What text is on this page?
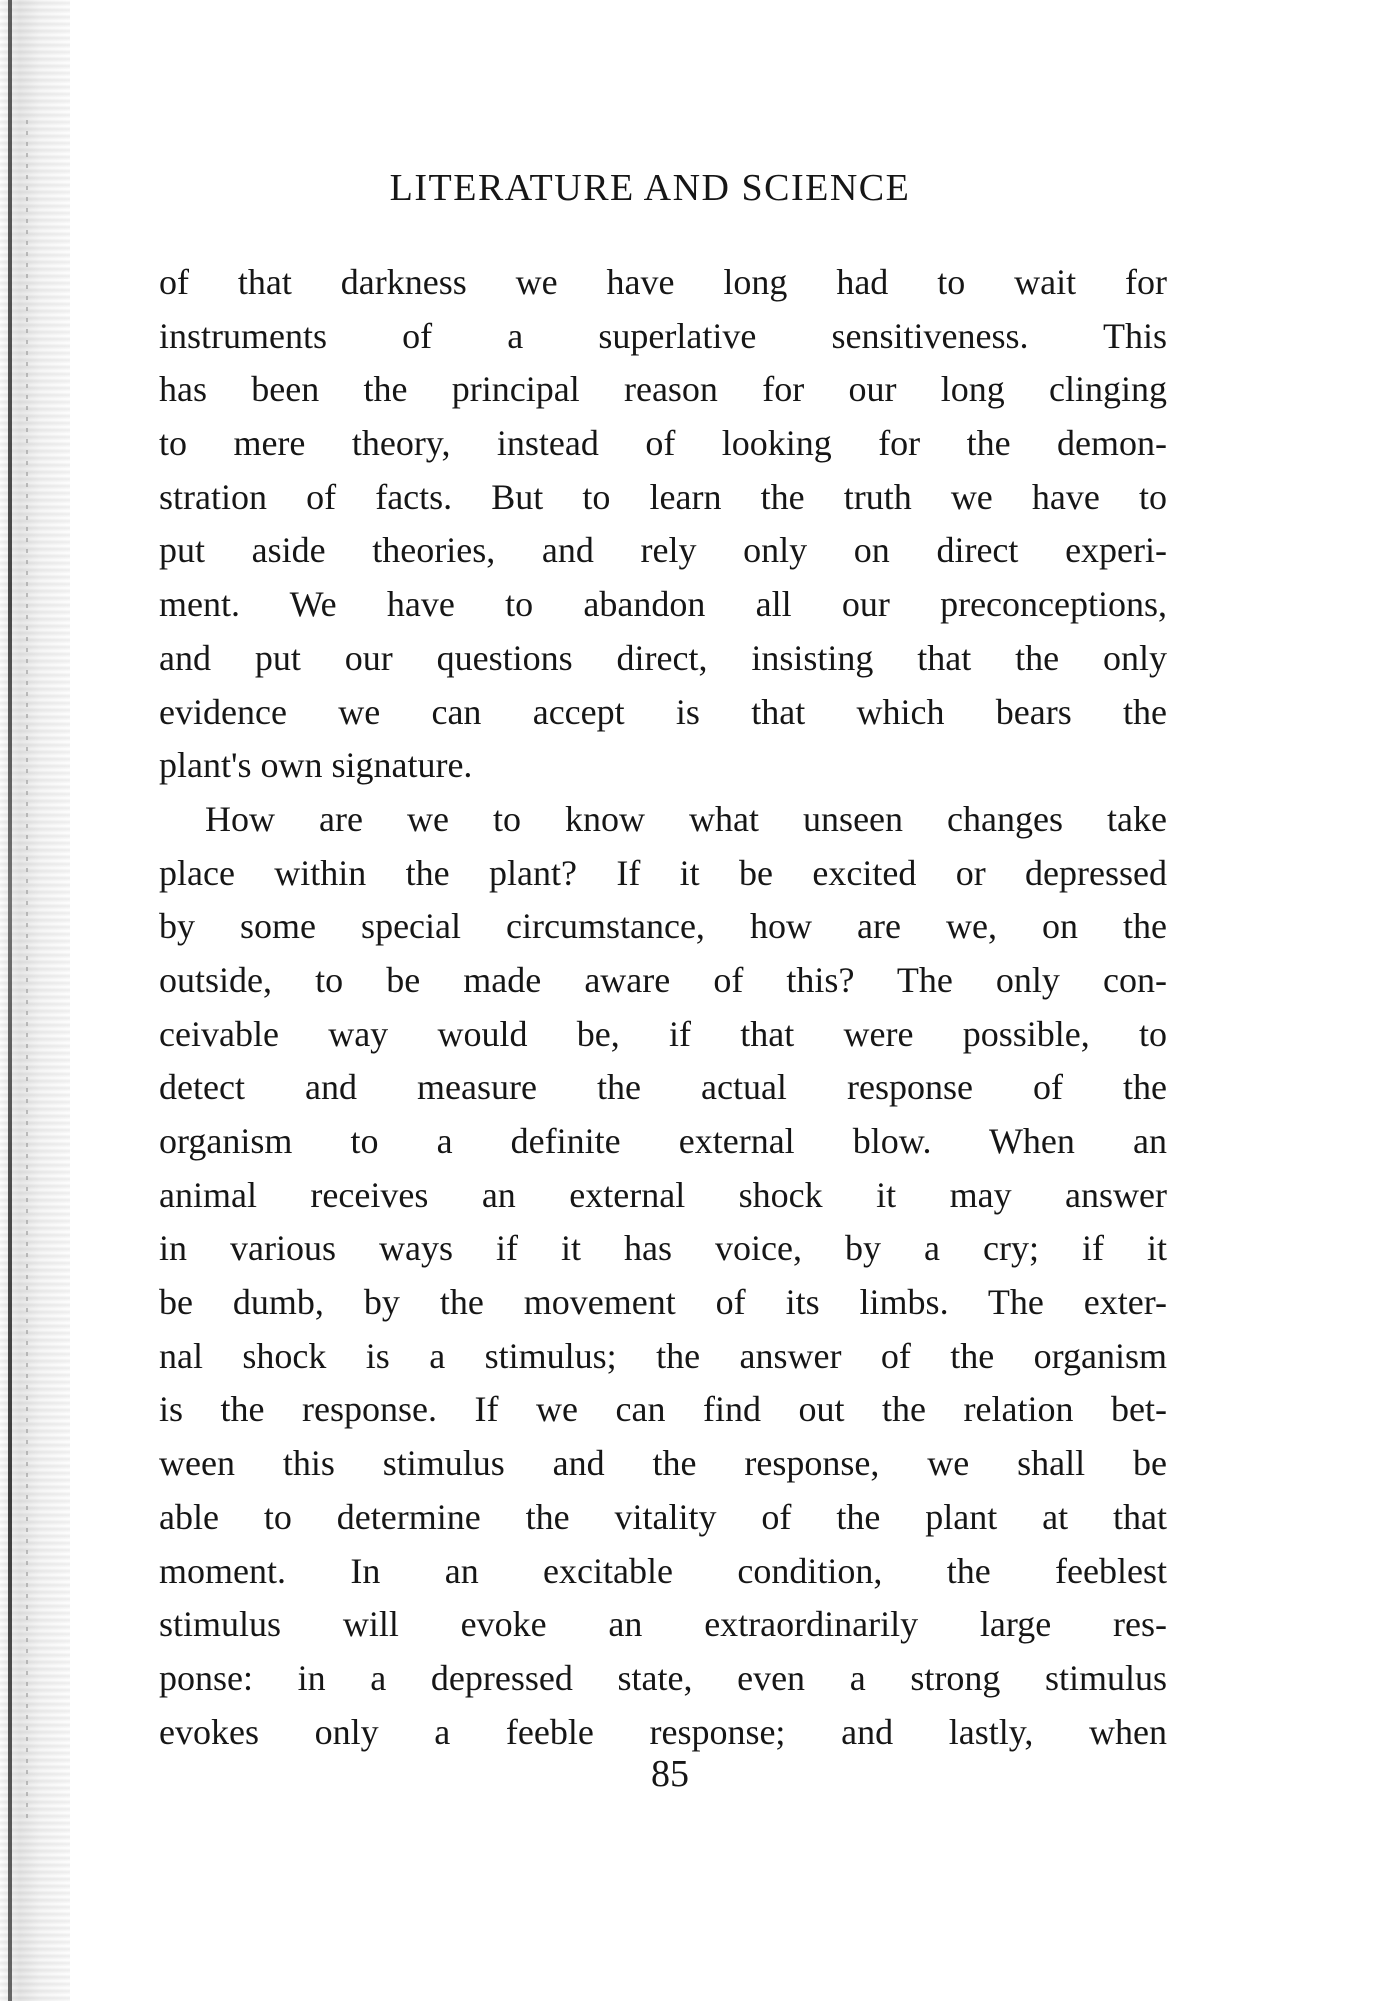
LITERATURE AND SCIENCE
of that darkness we have long had to wait for
instruments of a superlative sensitiveness. This
has been the principal reason for our long clinging
to mere theory, instead of looking for the demon-
stration of facts. But to learn the truth we have to
put aside theories, and rely only on direct experi-
ment. We have to abandon all our preconceptions,
and put our questions direct, insisting that the only
evidence we can accept is that which bears the
plant's own signature.
How are we to know what unseen changes take
place within the plant? If it be excited or depressed
by some special circumstance, how are we, on the
outside, to be made aware of this? The only con-
ceivable way would be, if that were possible, to
detect and measure the actual response of the
organism to a definite external blow. When an
animal receives an external shock it may answer
in various ways if it has voice, by a cry; if it
be dumb, by the movement of its limbs. The exter-
nal shock is a stimulus; the answer of the organism
is the response. If we can find out the relation bet-
ween this stimulus and the response, we shall be
able to determine the vitality of the plant at that
moment. In an excitable condition, the feeblest
stimulus will evoke an extraordinarily large res-
ponse: in a depressed state, even a strong stimulus
evokes only a feeble response; and lastly, when

85
